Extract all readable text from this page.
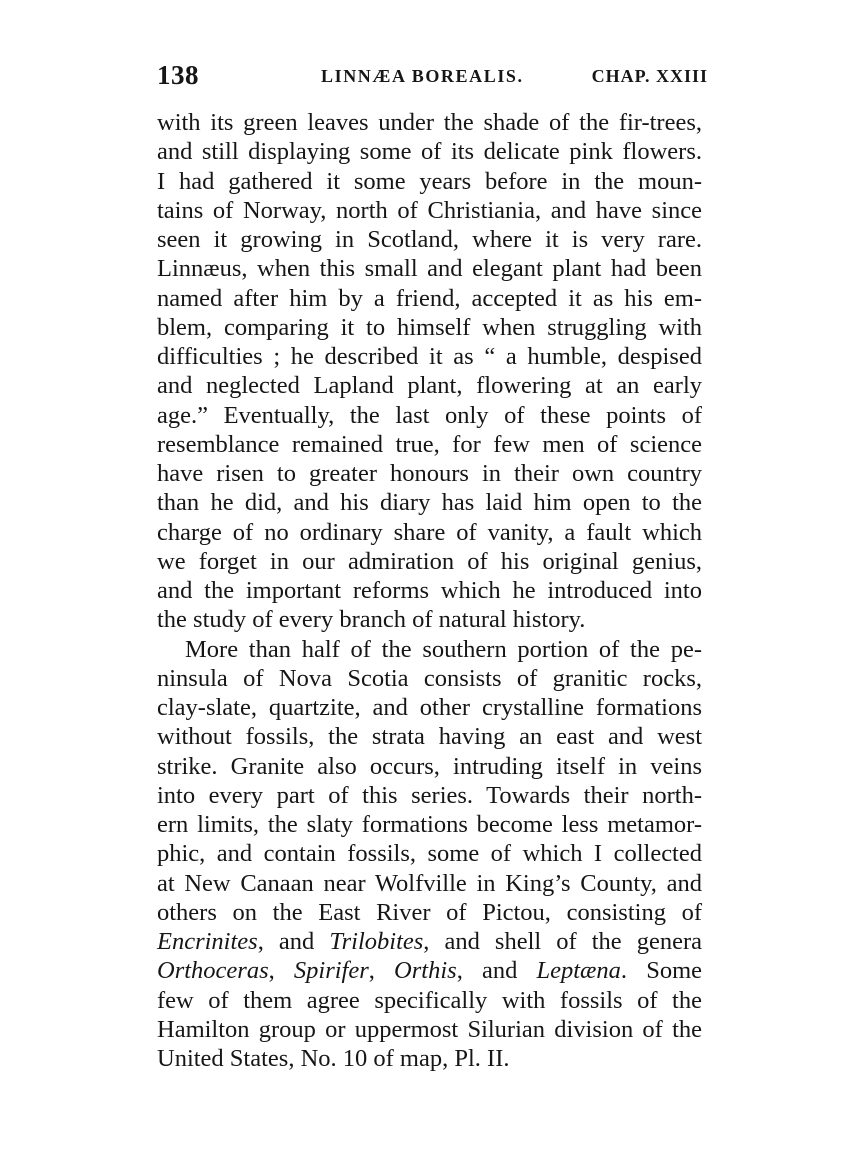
138	LINNÆA BOREALIS.	CHAP. XXIII
with its green leaves under the shade of the fir-trees,
and still displaying some of its delicate pink flowers.
I had gathered it some years before in the moun-
tains of Norway, north of Christiania, and have since
seen it growing in Scotland, where it is very rare.
Linnæus, when this small and elegant plant had been
named after him by a friend, accepted it as his em-
blem, comparing it to himself when struggling with
difficulties ; he described it as “ a humble, despised
and neglected Lapland plant, flowering at an early
age.” Eventually, the last only of these points of
resemblance remained true, for few men of science
have risen to greater honours in their own country
than he did, and his diary has laid him open to the
charge of no ordinary share of vanity, a fault which
we forget in our admiration of his original genius,
and the important reforms which he introduced into
the study of every branch of natural history.
More than half of the southern portion of the pe-
ninsula of Nova Scotia consists of granitic rocks,
clay-slate, quartzite, and other crystalline formations
without fossils, the strata having an east and west
strike. Granite also occurs, intruding itself in veins
into every part of this series. Towards their north-
ern limits, the slaty formations become less metamor-
phic, and contain fossils, some of which I collected
at New Canaan near Wolfville in King’s County, and
others on the East River of Pictou, consisting of
Encrinites, and Trilobites, and shell of the genera
Orthoceras, Spirifer, Orthis, and Leptæna. Some
few of them agree specifically with fossils of the
Hamilton group or uppermost Silurian division of the
United States, No. 10 of map, Pl. II.
